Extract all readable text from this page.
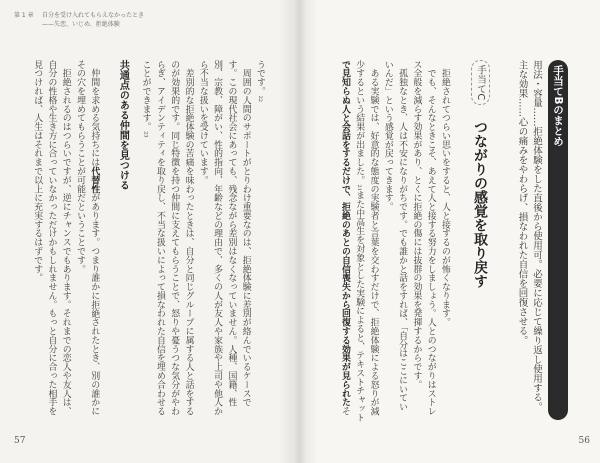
第 1 章 自分を受け入れてもらえなかったとき
——失恋、いじめ、拒絶体験
うです。22
　周囲の人間のサポートがとりわけ重要なのは、拒絶体験に差別が絡んでいるケースで
す。この現代社会にあっても、残念ながら差別はなくなっていません。人種、国籍、性
別、宗教、障がい、性的指向、年齢などの理由で、多くの人が友人や家族や上司や他人か
ら不当な扱いを受けています。
　差別的な拒絶体験の苦痛を味わったときは、自分と同じグループに属する人と話をする
のが効果的です。同じ特徴を持つ仲間に支えてもらうことで、怒りや憂うつな気分がやわ
らぎ、アイデンティティを取り戻し、不当な扱いによって損なわれた自信を埋め合わせる
ことができます。23
共通点のある仲間を見つける
　仲間を求める気持ちには代替性があります。つまり誰かに拒絶されたとき、別の誰かに
その穴を埋めてもらうことが可能だということです。
　拒絶されるのはつらいですが、逆にチャンスでもあります。それまでの恋人や友人は、
自分の性格や生き方に合っていなかっただけかもしれません。もっと自分に合った相手を
見つければ、人生はそれまで以上に充実するはずです。
57
手当てBのまとめ
用法・容量……拒絶体験をした直後から使用可。必要に応じて繰り返し使用する。
主な効果……心の痛みをやわらげ、損なわれた自信を回復させる。
手当てC つながりの感覚を取り戻す
　拒絶されてつらい思いをすると、人と接するのが怖くなります。
　でも、そんなときこそ、あえて人と接する努力をしましょう。人とのつながりはストレ
ス全般を減らす効果があり、とくに拒絶の傷には抜群の効果を発揮するからです。
　孤独なとき、人は不安になりがちです。でも誰かと話をすれば、「自分はここにいてい
いんだ」という感覚が戻ってきます。
　ある実験では、好意的な態度の実験者と言葉を交わすだけで、拒絶体験による怒りが減
少するという結果が出ました。21また中高生を対象とした実験によると、テキストチャット
で見知らぬ人と会話をするだけで、拒絶のあとの自信喪失から回復する効果が見られたそ
56
